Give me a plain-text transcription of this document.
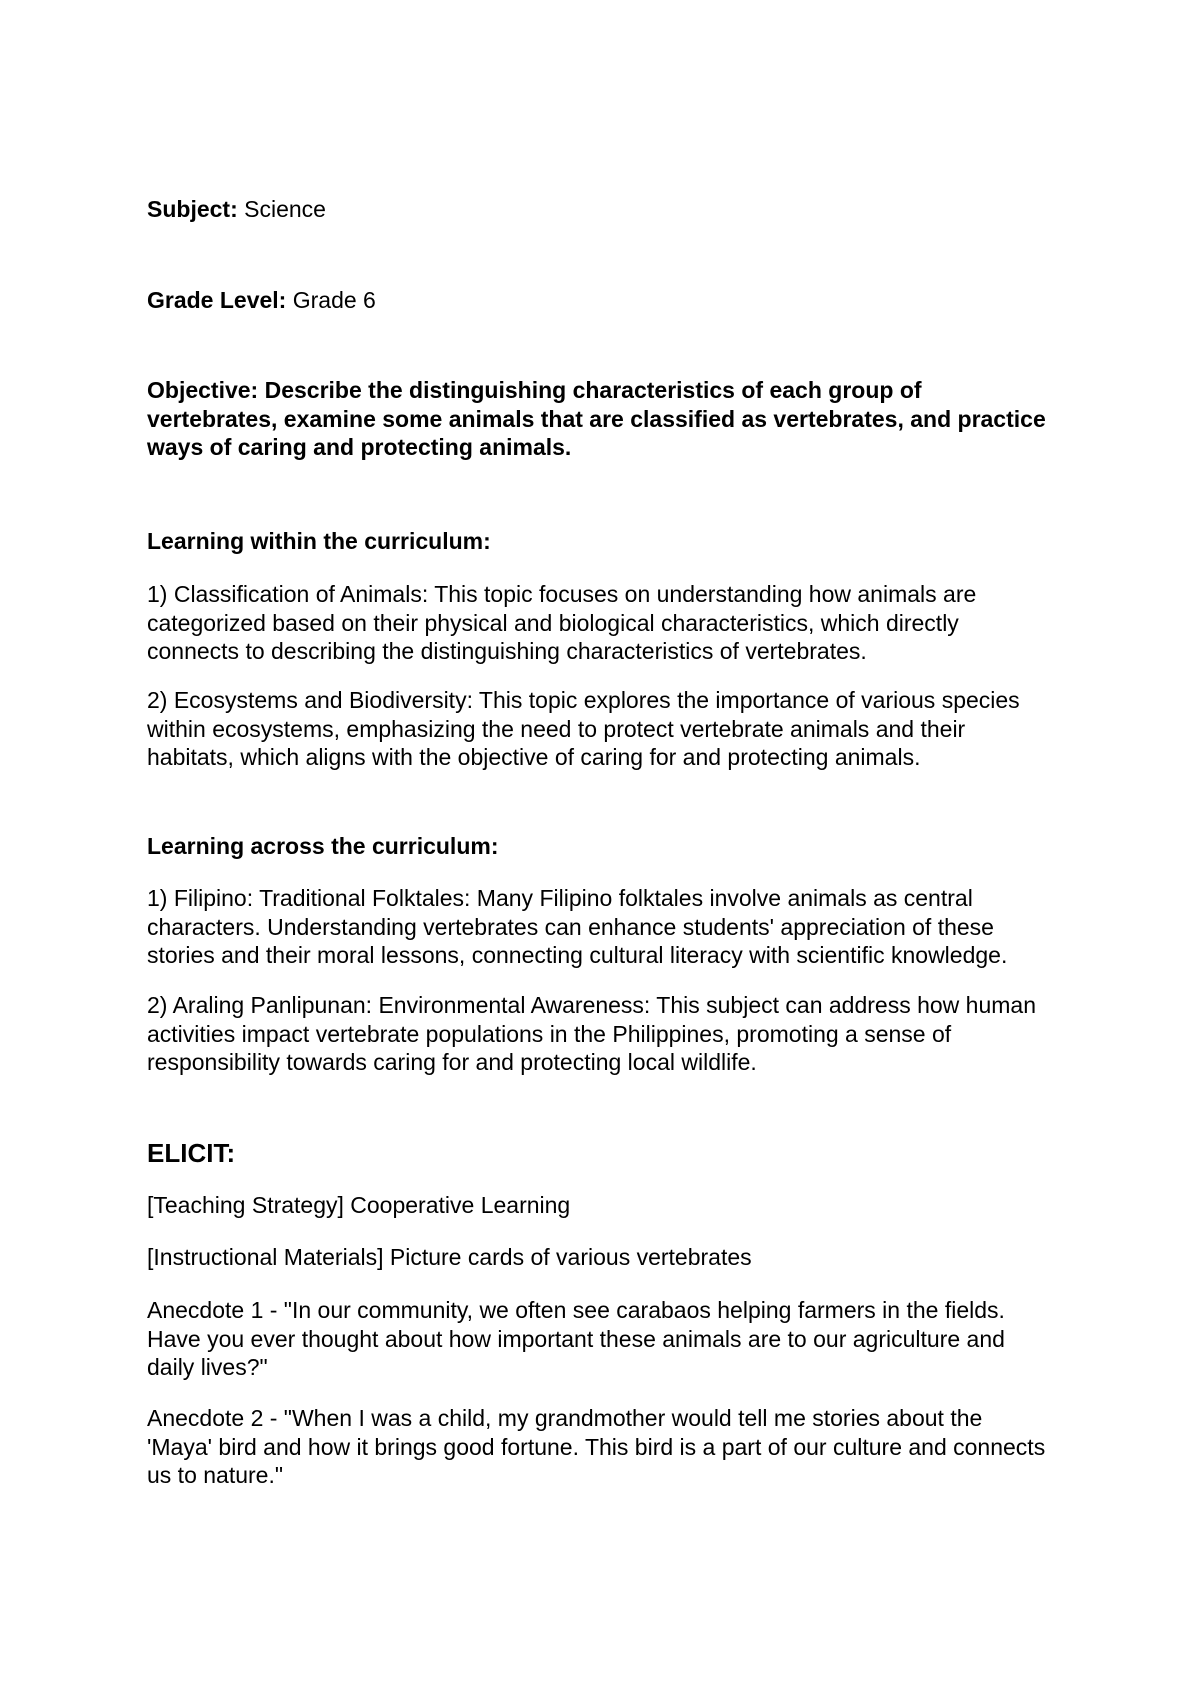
Subject: Science

Grade Level: Grade 6

Objective: Describe the distinguishing characteristics of each group of vertebrates, examine some animals that are classified as vertebrates, and practice ways of caring and protecting animals.

Learning within the curriculum:

1) Classification of Animals: This topic focuses on understanding how animals are categorized based on their physical and biological characteristics, which directly connects to describing the distinguishing characteristics of vertebrates.

2) Ecosystems and Biodiversity: This topic explores the importance of various species within ecosystems, emphasizing the need to protect vertebrate animals and their habitats, which aligns with the objective of caring for and protecting animals.

Learning across the curriculum:

1) Filipino: Traditional Folktales: Many Filipino folktales involve animals as central characters. Understanding vertebrates can enhance students' appreciation of these stories and their moral lessons, connecting cultural literacy with scientific knowledge.

2) Araling Panlipunan: Environmental Awareness: This subject can address how human activities impact vertebrate populations in the Philippines, promoting a sense of responsibility towards caring for and protecting local wildlife.

ELICIT:

[Teaching Strategy] Cooperative Learning

[Instructional Materials] Picture cards of various vertebrates

Anecdote 1 - "In our community, we often see carabaos helping farmers in the fields. Have you ever thought about how important these animals are to our agriculture and daily lives?"

Anecdote 2 - "When I was a child, my grandmother would tell me stories about the 'Maya' bird and how it brings good fortune. This bird is a part of our culture and connects us to nature."
